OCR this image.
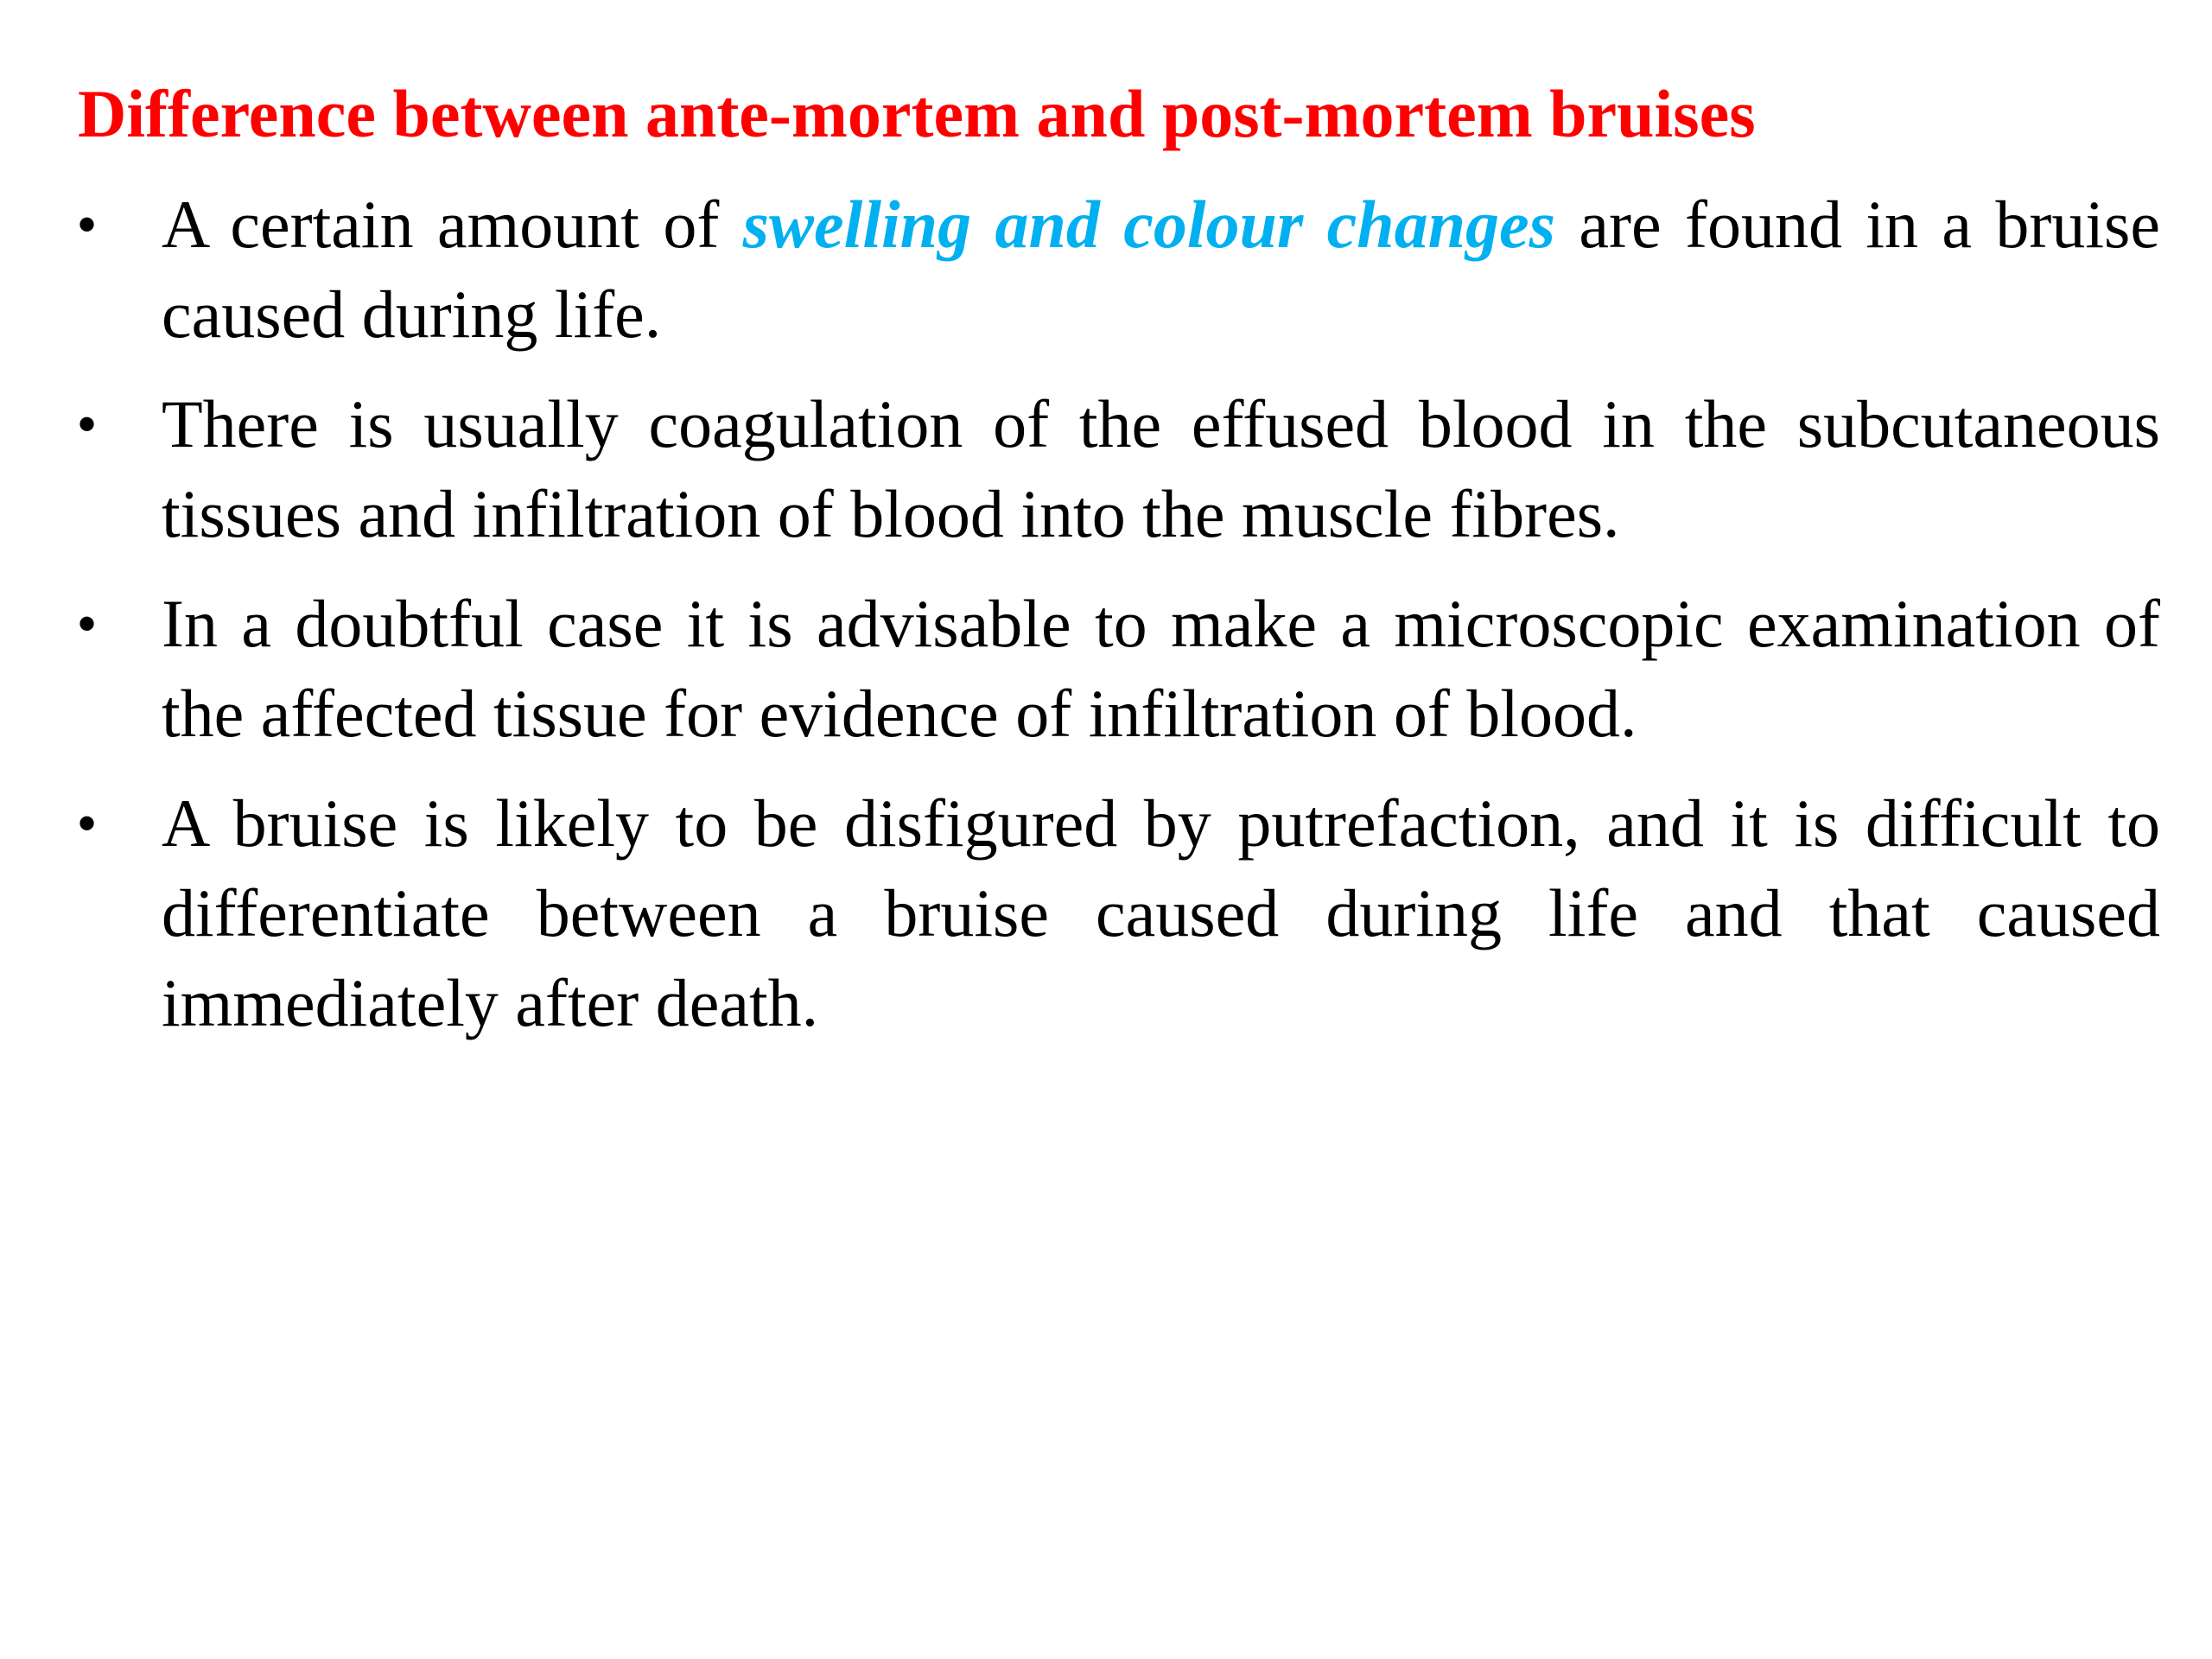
Difference between ante-mortem and post-mortem bruises
• A certain amount of swelling and colour changes are found in a bruise caused during life.
• There is usually coagulation of the effused blood in the subcutaneous tissues and infiltration of blood into the muscle fibres.
• In a doubtful case it is advisable to make a microscopic examination of the affected tissue for evidence of infiltration of blood.
• A bruise is likely to be disfigured by putrefaction, and it is difficult to differentiate between a bruise caused during life and that caused immediately after death.
